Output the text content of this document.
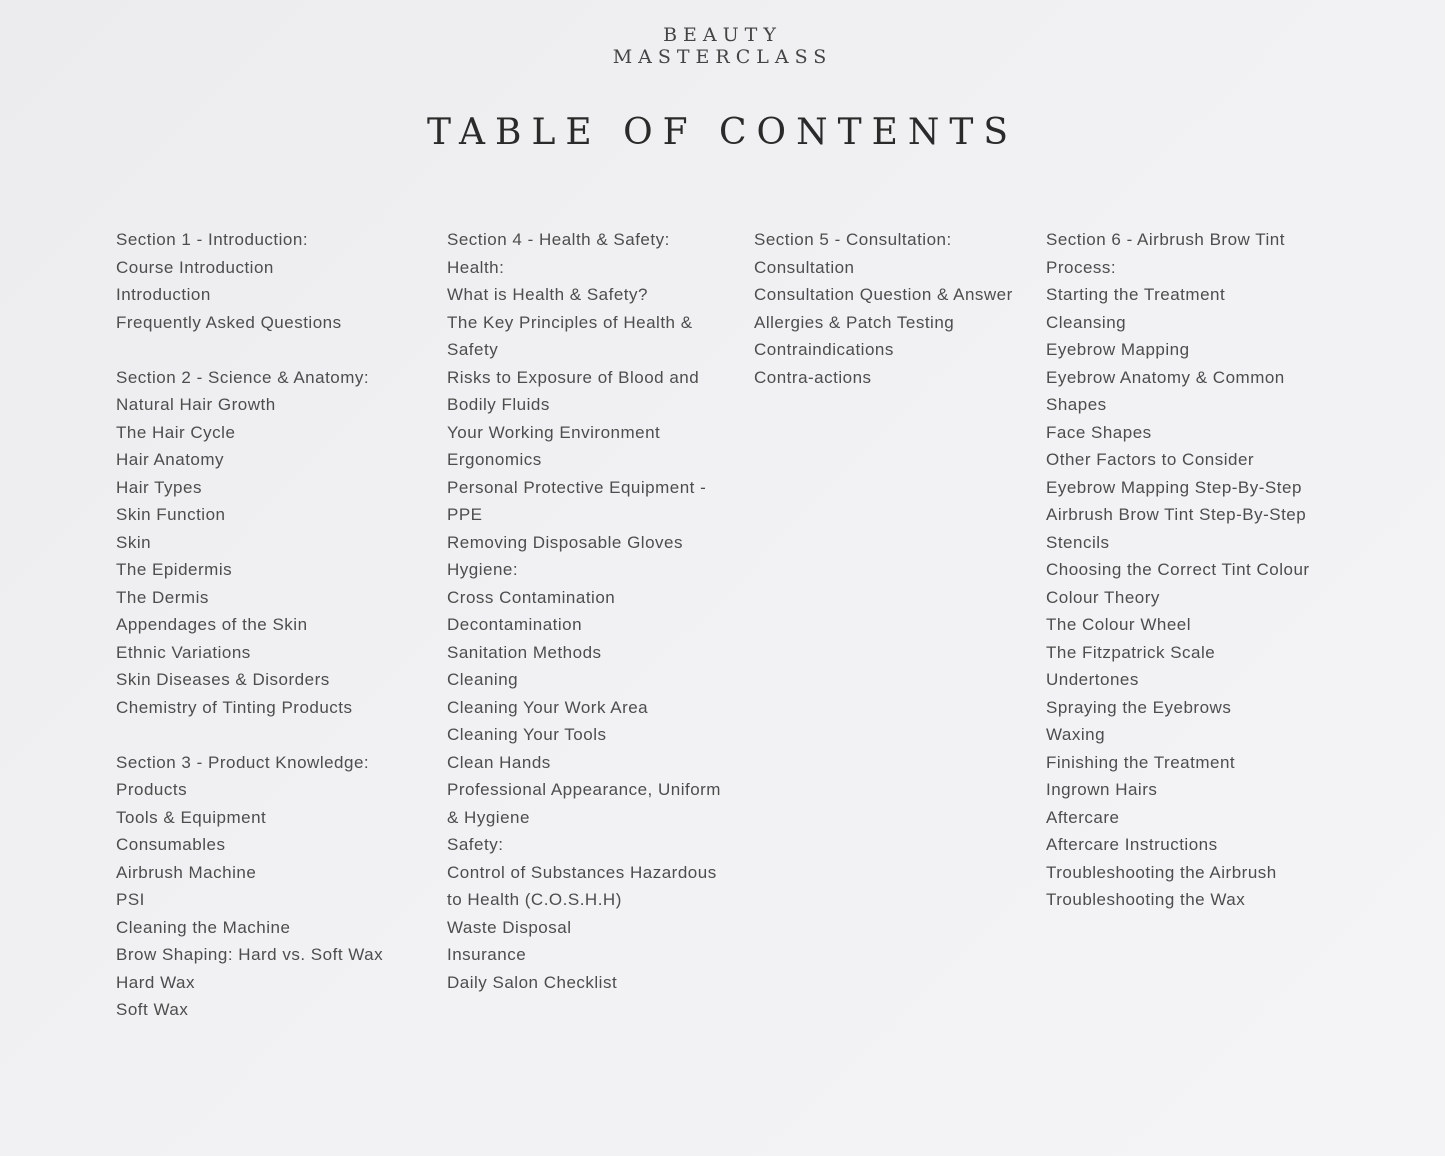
BEAUTY
MASTERCLASS
TABLE OF CONTENTS
Section 1 - Introduction:
Course Introduction
Introduction
Frequently Asked Questions
Section 2 - Science & Anatomy:
Natural Hair Growth
The Hair Cycle
Hair Anatomy
Hair Types
Skin Function
Skin
The Epidermis
The Dermis
Appendages of the Skin
Ethnic Variations
Skin Diseases & Disorders
Chemistry of Tinting Products
Section 3 - Product Knowledge:
Products
Tools & Equipment
Consumables
Airbrush Machine
PSI
Cleaning the Machine
Brow Shaping: Hard vs. Soft Wax
Hard Wax
Soft Wax
Section 4 - Health & Safety:
Health:
What is Health & Safety?
The Key Principles of Health &
Safety
Risks to Exposure of Blood and
Bodily Fluids
Your Working Environment
Ergonomics
Personal Protective Equipment -
PPE
Removing Disposable Gloves
Hygiene:
Cross Contamination
Decontamination
Sanitation Methods
Cleaning
Cleaning Your Work Area
Cleaning Your Tools
Clean Hands
Professional Appearance, Uniform
& Hygiene
Safety:
Control of Substances Hazardous
to Health (C.O.S.H.H)
Waste Disposal
Insurance
Daily Salon Checklist
Section 5 - Consultation:
Consultation
Consultation Question & Answer
Allergies & Patch Testing
Contraindications
Contra-actions
Section 6 - Airbrush Brow Tint
Process:
Starting the Treatment
Cleansing
Eyebrow Mapping
Eyebrow Anatomy & Common
Shapes
Face Shapes
Other Factors to Consider
Eyebrow Mapping Step-By-Step
Airbrush Brow Tint Step-By-Step
Stencils
Choosing the Correct Tint Colour
Colour Theory
The Colour Wheel
The Fitzpatrick Scale
Undertones
Spraying the Eyebrows
Waxing
Finishing the Treatment
Ingrown Hairs
Aftercare
Aftercare Instructions
Troubleshooting the Airbrush
Troubleshooting the Wax
